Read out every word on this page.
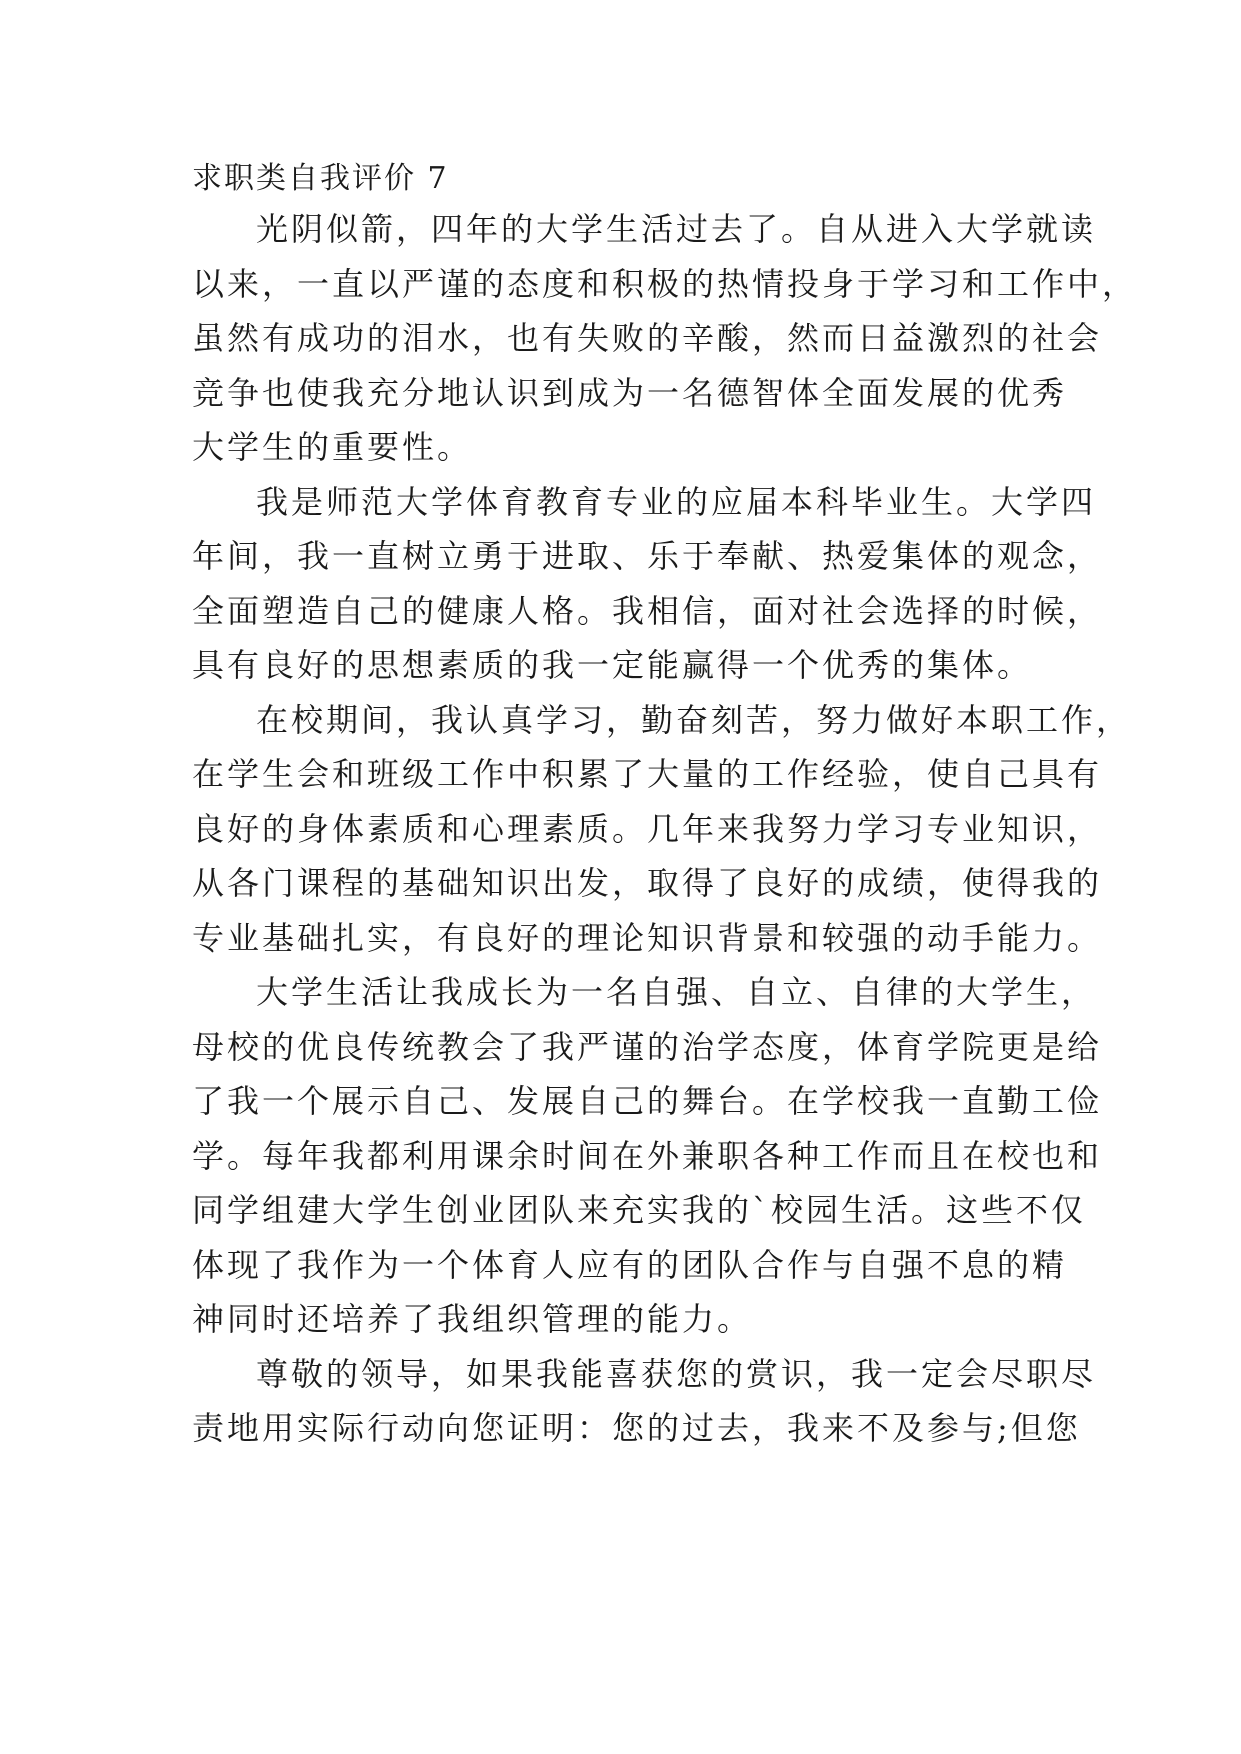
求职类自我评价 7
光阴似箭，四年的大学生活过去了。自从进入大学就读
以来，一直以严谨的态度和积极的热情投身于学习和工作中，
虽然有成功的泪水，也有失败的辛酸，然而日益激烈的社会
竞争也使我充分地认识到成为一名德智体全面发展的优秀
大学生的重要性。
我是师范大学体育教育专业的应届本科毕业生。大学四
年间，我一直树立勇于进取、乐于奉献、热爱集体的观念，
全面塑造自己的健康人格。我相信，面对社会选择的时候，
具有良好的思想素质的我一定能赢得一个优秀的集体。
在校期间，我认真学习，勤奋刻苦，努力做好本职工作，
在学生会和班级工作中积累了大量的工作经验，使自己具有
良好的身体素质和心理素质。几年来我努力学习专业知识，
从各门课程的基础知识出发，取得了良好的成绩，使得我的
专业基础扎实，有良好的理论知识背景和较强的动手能力。
大学生活让我成长为一名自强、自立、自律的大学生，
母校的优良传统教会了我严谨的治学态度，体育学院更是给
了我一个展示自己、发展自己的舞台。在学校我一直勤工俭
学。每年我都利用课余时间在外兼职各种工作而且在校也和
同学组建大学生创业团队来充实我的`校园生活。这些不仅
体现了我作为一个体育人应有的团队合作与自强不息的精
神同时还培养了我组织管理的能力。
尊敬的领导，如果我能喜获您的赏识，我一定会尽职尽
责地用实际行动向您证明：您的过去，我来不及参与;但您
